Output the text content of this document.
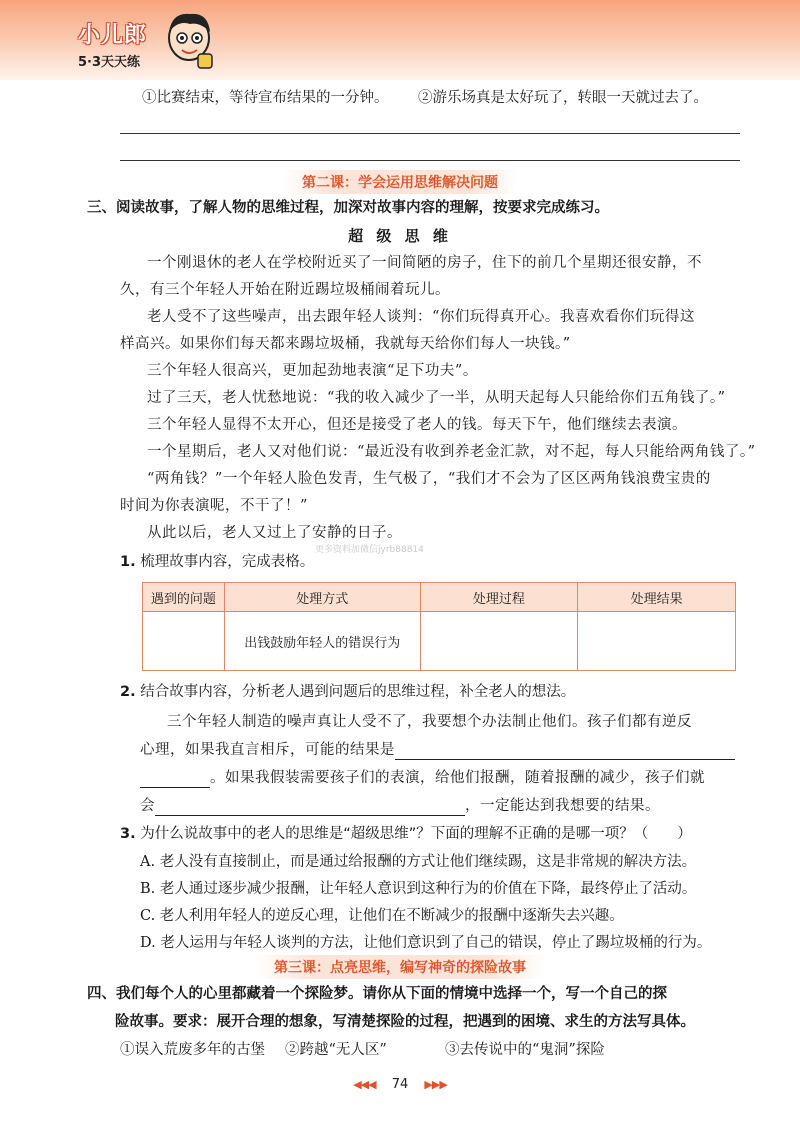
小儿郎
5·3天天练
①比赛结束，等待宣布结果的一分钟。 ②游乐场真是太好玩了，转眼一天就过去了。
第二课：学会运用思维解决问题
三、阅读故事，了解人物的思维过程，加深对故事内容的理解，按要求完成练习。
超 级 思 维
一个刚退休的老人在学校附近买了一间简陋的房子，住下的前几个星期还很安静，不
久，有三个年轻人开始在附近踢垃圾桶闹着玩儿。
老人受不了这些噪声，出去跟年轻人谈判：“你们玩得真开心。我喜欢看你们玩得这
样高兴。如果你们每天都来踢垃圾桶，我就每天给你们每人一块钱。”
三个年轻人很高兴，更加起劲地表演“足下功夫”。
过了三天，老人忧愁地说：“我的收入减少了一半，从明天起每人只能给你们五角钱了。”
三个年轻人显得不太开心，但还是接受了老人的钱。每天下午，他们继续去表演。
一个星期后，老人又对他们说：“最近没有收到养老金汇款，对不起，每人只能给两角钱了。”
“两角钱？”一个年轻人脸色发青，生气极了，“我们才不会为了区区两角钱浪费宝贵的
时间为你表演呢，不干了！”
从此以后，老人又过上了安静的日子。
更多资料加微信jyrb88814
1. 梳理故事内容，完成表格。
遇到的问题	处理方式	处理过程	处理结果
	出钱鼓励年轻人的错误行为		
2. 结合故事内容，分析老人遇到问题后的思维过程，补全老人的想法。
三个年轻人制造的噪声真让人受不了，我要想个办法制止他们。孩子们都有逆反
心理，如果我直言相斥，可能的结果是
。如果我假装需要孩子们的表演，给他们报酬，随着报酬的减少，孩子们就
会	，一定能达到我想要的结果。
3. 为什么说故事中的老人的思维是“超级思维”？下面的理解不正确的是哪一项？（　　）
A. 老人没有直接制止，而是通过给报酬的方式让他们继续踢，这是非常规的解决方法。
B. 老人通过逐步减少报酬，让年轻人意识到这种行为的价值在下降，最终停止了活动。
C. 老人利用年轻人的逆反心理，让他们在不断减少的报酬中逐渐失去兴趣。
D. 老人运用与年轻人谈判的方法，让他们意识到了自己的错误，停止了踢垃圾桶的行为。
第三课：点亮思维，编写神奇的探险故事
四、我们每个人的心里都藏着一个探险梦。请你从下面的情境中选择一个，写一个自己的探
险故事。要求：展开合理的想象，写清楚探险的过程，把遇到的困境、求生的方法写具体。
①误入荒废多年的古堡 ②跨越“无人区”	③去传说中的“鬼洞”探险
◀◀◀ 74 ▶▶▶
